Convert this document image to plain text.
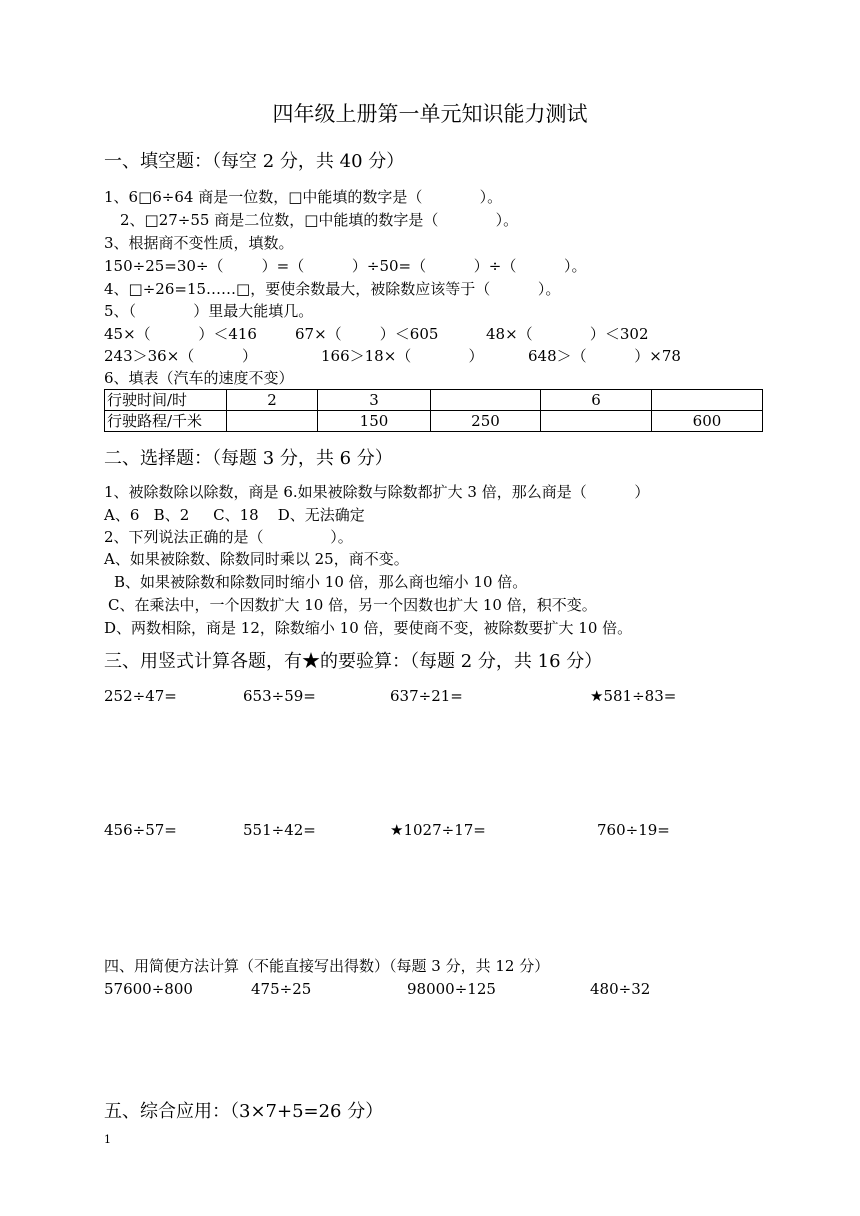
四年级上册第一单元知识能力测试
一、填空题：（每空 2 分，共 40 分）
1、6□6÷64 商是一位数，□中能填的数字是（            ）。
2、□27÷55 商是二位数，□中能填的数字是（            ）。
3、根据商不变性质，填数。
150÷25=30÷（        ）=（          ）÷50=（          ）÷（          ）。
4、□÷26=15……□，要使余数最大，被除数应该等于（          ）。
5、（            ）里最大能填几。
45×（          ）＜416	67×（        ）＜605	48×（            ）＜302
243＞36×（          ）	166＞18×（            ）	648＞（          ）×78
6、填表（汽车的速度不变）
行驶时间/时	2	3		6	
行驶路程/千米		150	250		600
二、选择题：（每题 3 分，共 6 分）
1、被除数除以除数，商是 6.如果被除数与除数都扩大 3 倍，那么商是（          ）
A、6   B、2     C、18    D、无法确定
2、下列说法正确的是（              ）。
A、如果被除数、除数同时乘以 25，商不变。
B、如果被除数和除数同时缩小 10 倍，那么商也缩小 10 倍。
C、在乘法中，一个因数扩大 10 倍，另一个因数也扩大 10 倍，积不变。
D、两数相除，商是 12，除数缩小 10 倍，要使商不变，被除数要扩大 10 倍。
三、用竖式计算各题，有★的要验算：（每题 2 分，共 16 分）
252÷47=	653÷59=	637÷21=	★581÷83=
456÷57=	551÷42=	★1027÷17=	760÷19=
四、用简便方法计算（不能直接写出得数）（每题 3 分，共 12 分）
57600÷800	475÷25	98000÷125	480÷32
五、综合应用：（3×7+5=26 分）
1
